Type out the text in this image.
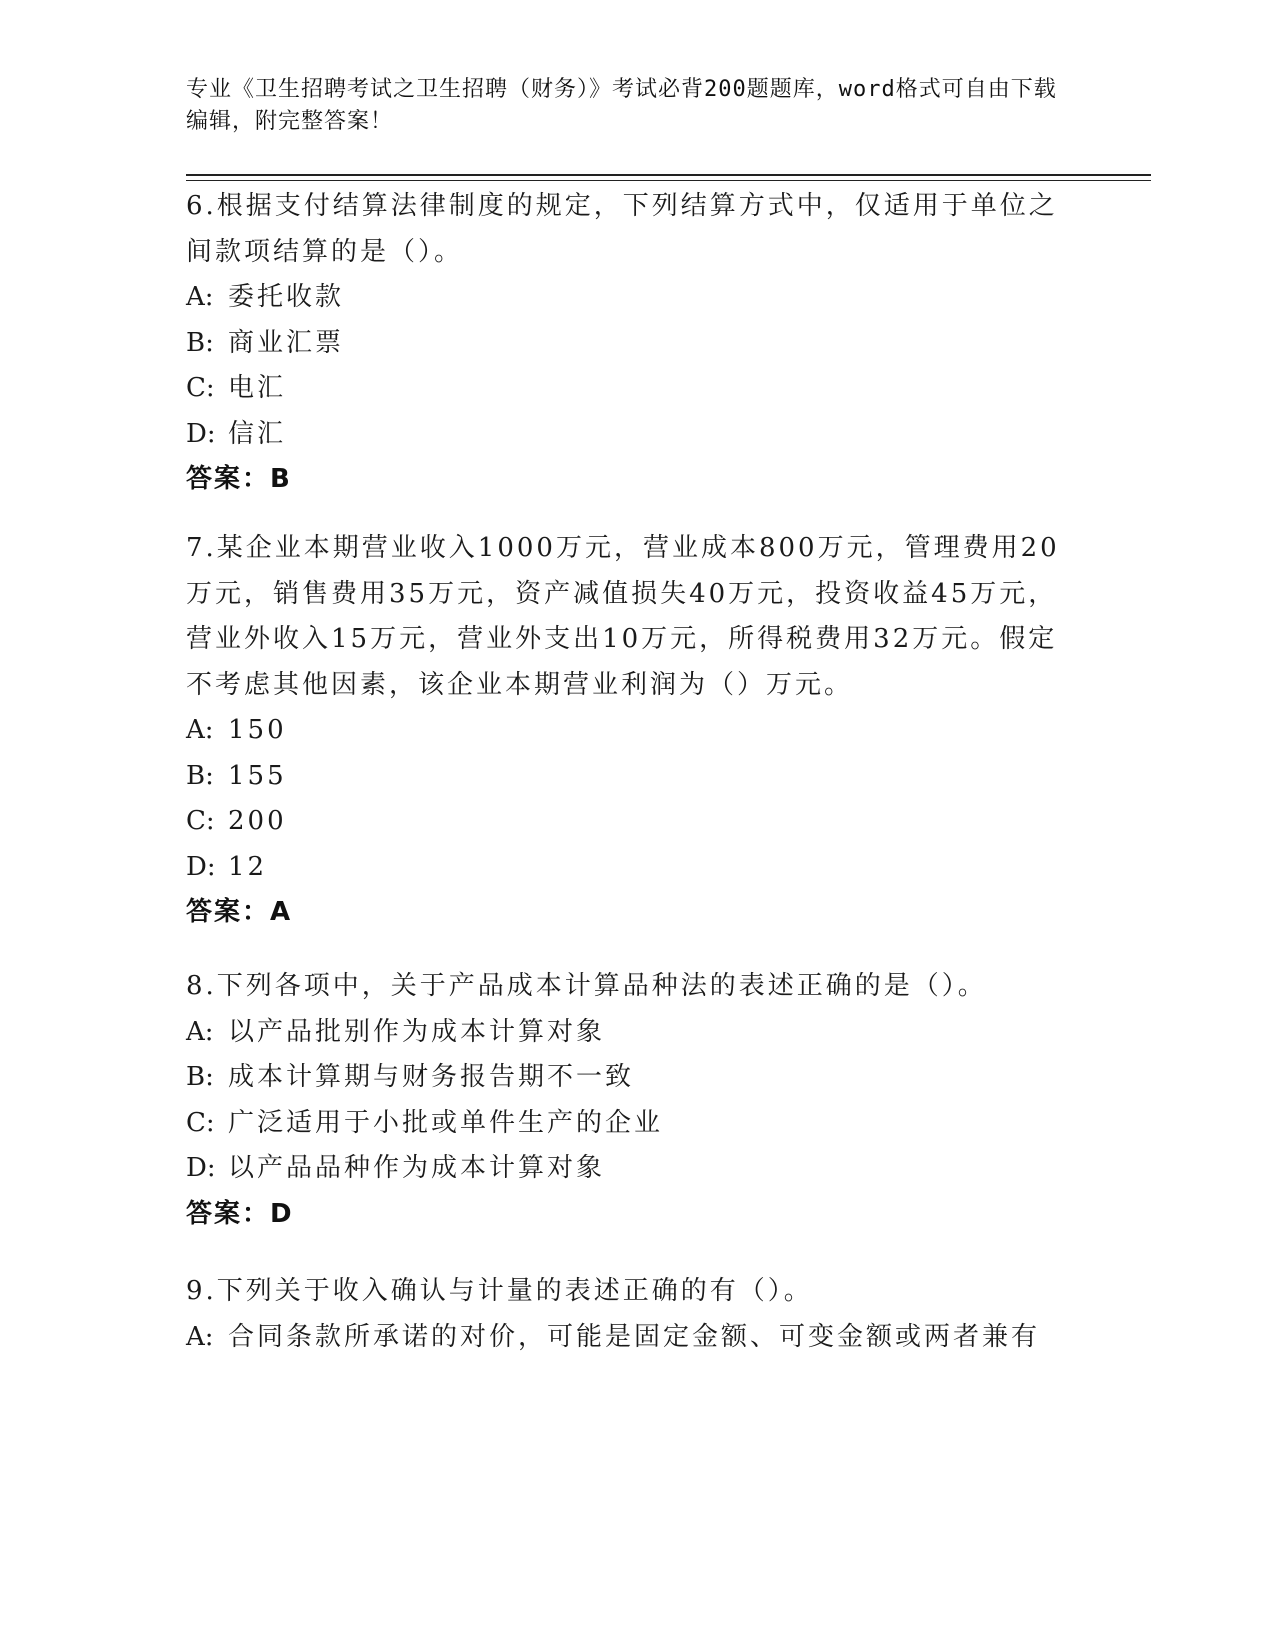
专业《卫生招聘考试之卫生招聘（财务）》考试必背200题题库，word格式可自由下载编辑，附完整答案！

6.根据支付结算法律制度的规定，下列结算方式中，仅适用于单位之间款项结算的是（）。

A: 委托收款

B: 商业汇票

C: 电汇

D: 信汇

答案：B

7.某企业本期营业收入1000万元，营业成本800万元，管理费用20万元，销售费用35万元，资产减值损失40万元，投资收益45万元，营业外收入15万元，营业外支出10万元，所得税费用32万元。假定不考虑其他因素，该企业本期营业利润为（）万元。

A: 150

B: 155

C: 200

D: 12

答案：A

8.下列各项中，关于产品成本计算品种法的表述正确的是（）。

A: 以产品批别作为成本计算对象

B: 成本计算期与财务报告期不一致

C: 广泛适用于小批或单件生产的企业

D: 以产品品种作为成本计算对象

答案：D

9.下列关于收入确认与计量的表述正确的有（）。

A: 合同条款所承诺的对价，可能是固定金额、可变金额或两者兼有
